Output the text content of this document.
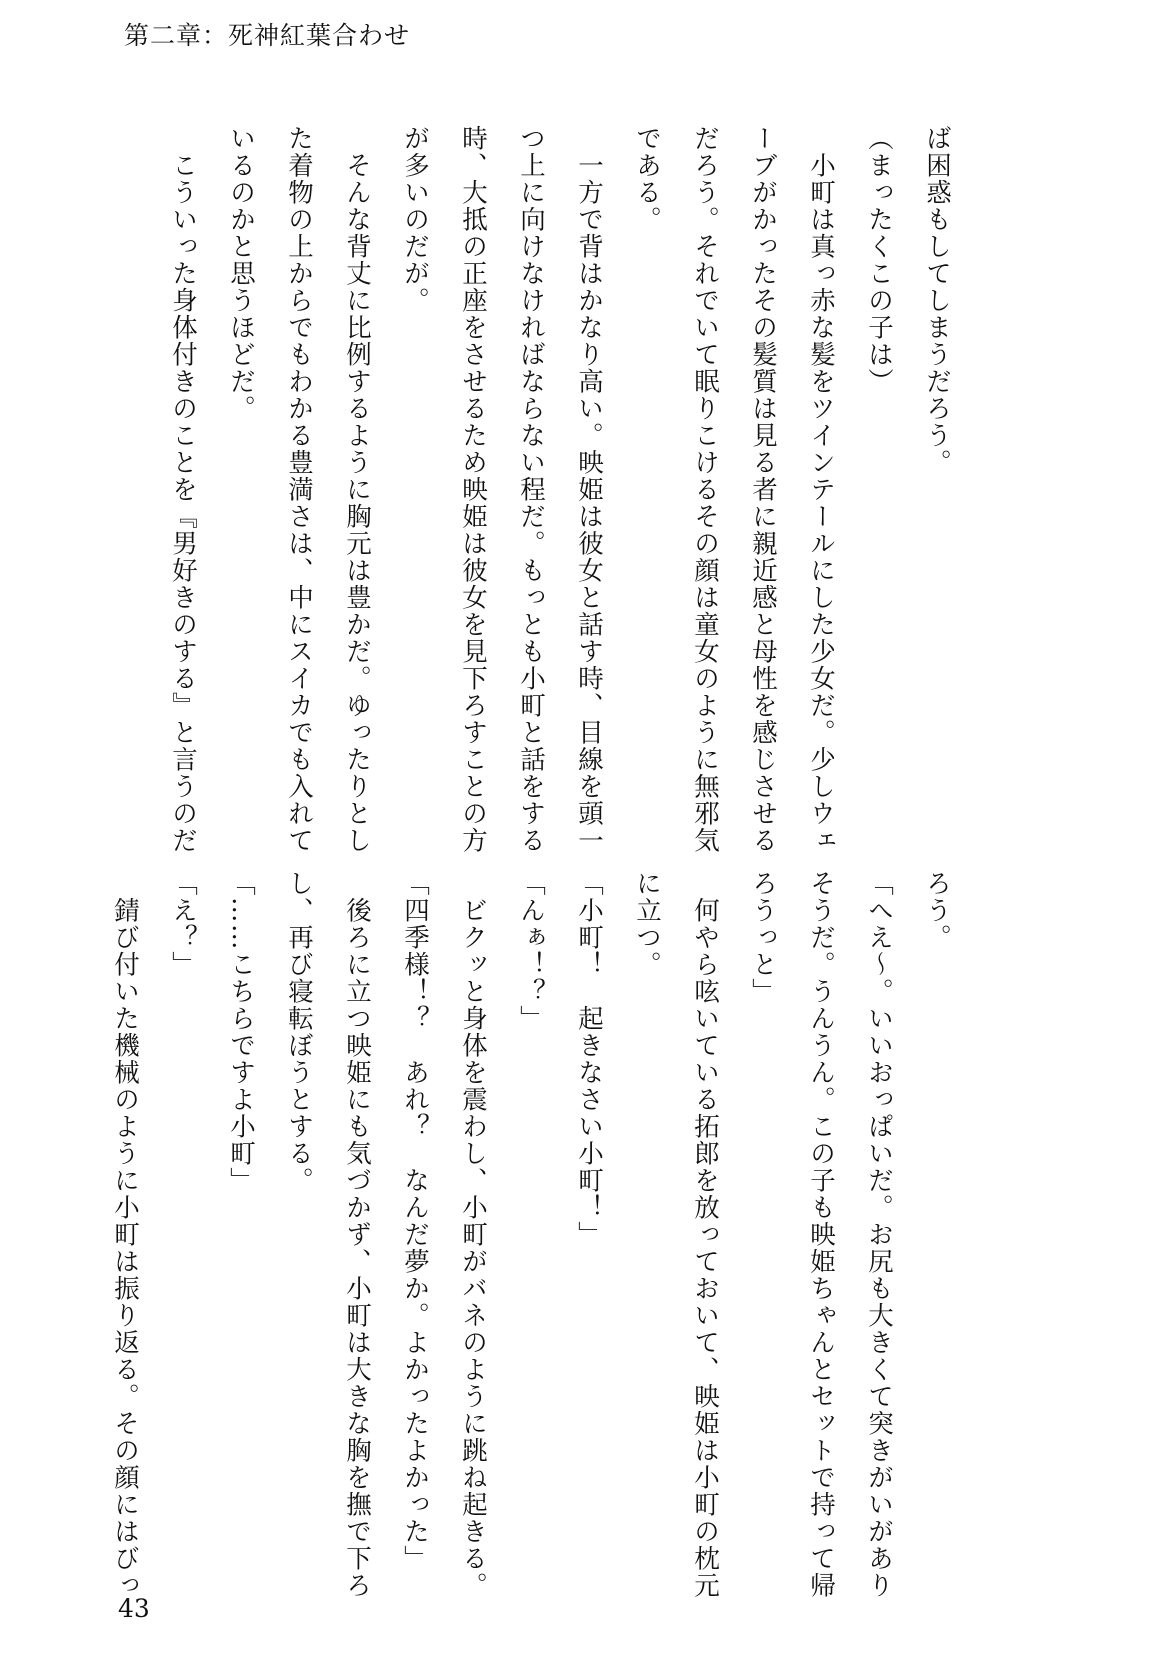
第二章：死神紅葉合わせ

ば困惑もしてしまうだろう。

（まったくこの子は）

　小町は真っ赤な髪をツインテールにした少女だ。少しウェ

ーブがかったその髪質は見る者に親近感と母性を感じさせる

だろう。それでいて眠りこけるその顔は童女のように無邪気

である。

　一方で背はかなり高い。映姫は彼女と話す時、目線を頭一

つ上に向けなければならない程だ。もっとも小町と話をする

時、大抵の正座をさせるため映姫は彼女を見下ろすことの方

が多いのだが。

　そんな背丈に比例するように胸元は豊かだ。ゆったりとし

た着物の上からでもわかる豊満さは、中にスイカでも入れて

いるのかと思うほどだ。

　こういった身体付きのことを『男好きのする』と言うのだ

ろう。

「へえ〜。いいおっぱいだ。お尻も大きくて突きがいがあり

そうだ。うんうん。この子も映姫ちゃんとセットで持って帰

ろうっと」

　何やら呟いている拓郎を放っておいて、映姫は小町の枕元

に立つ。

「小町！　起きなさい小町！」

「んぁ！？」

　ビクッと身体を震わし、小町がバネのように跳ね起きる。

「四季様！？　あれ？　なんだ夢か。よかったよかった」

　後ろに立つ映姫にも気づかず、小町は大きな胸を撫で下ろ

し、再び寝転ぼうとする。

「……こちらですよ小町」

「え？」

　錆び付いた機械のように小町は振り返る。その顔にはびっ

43
